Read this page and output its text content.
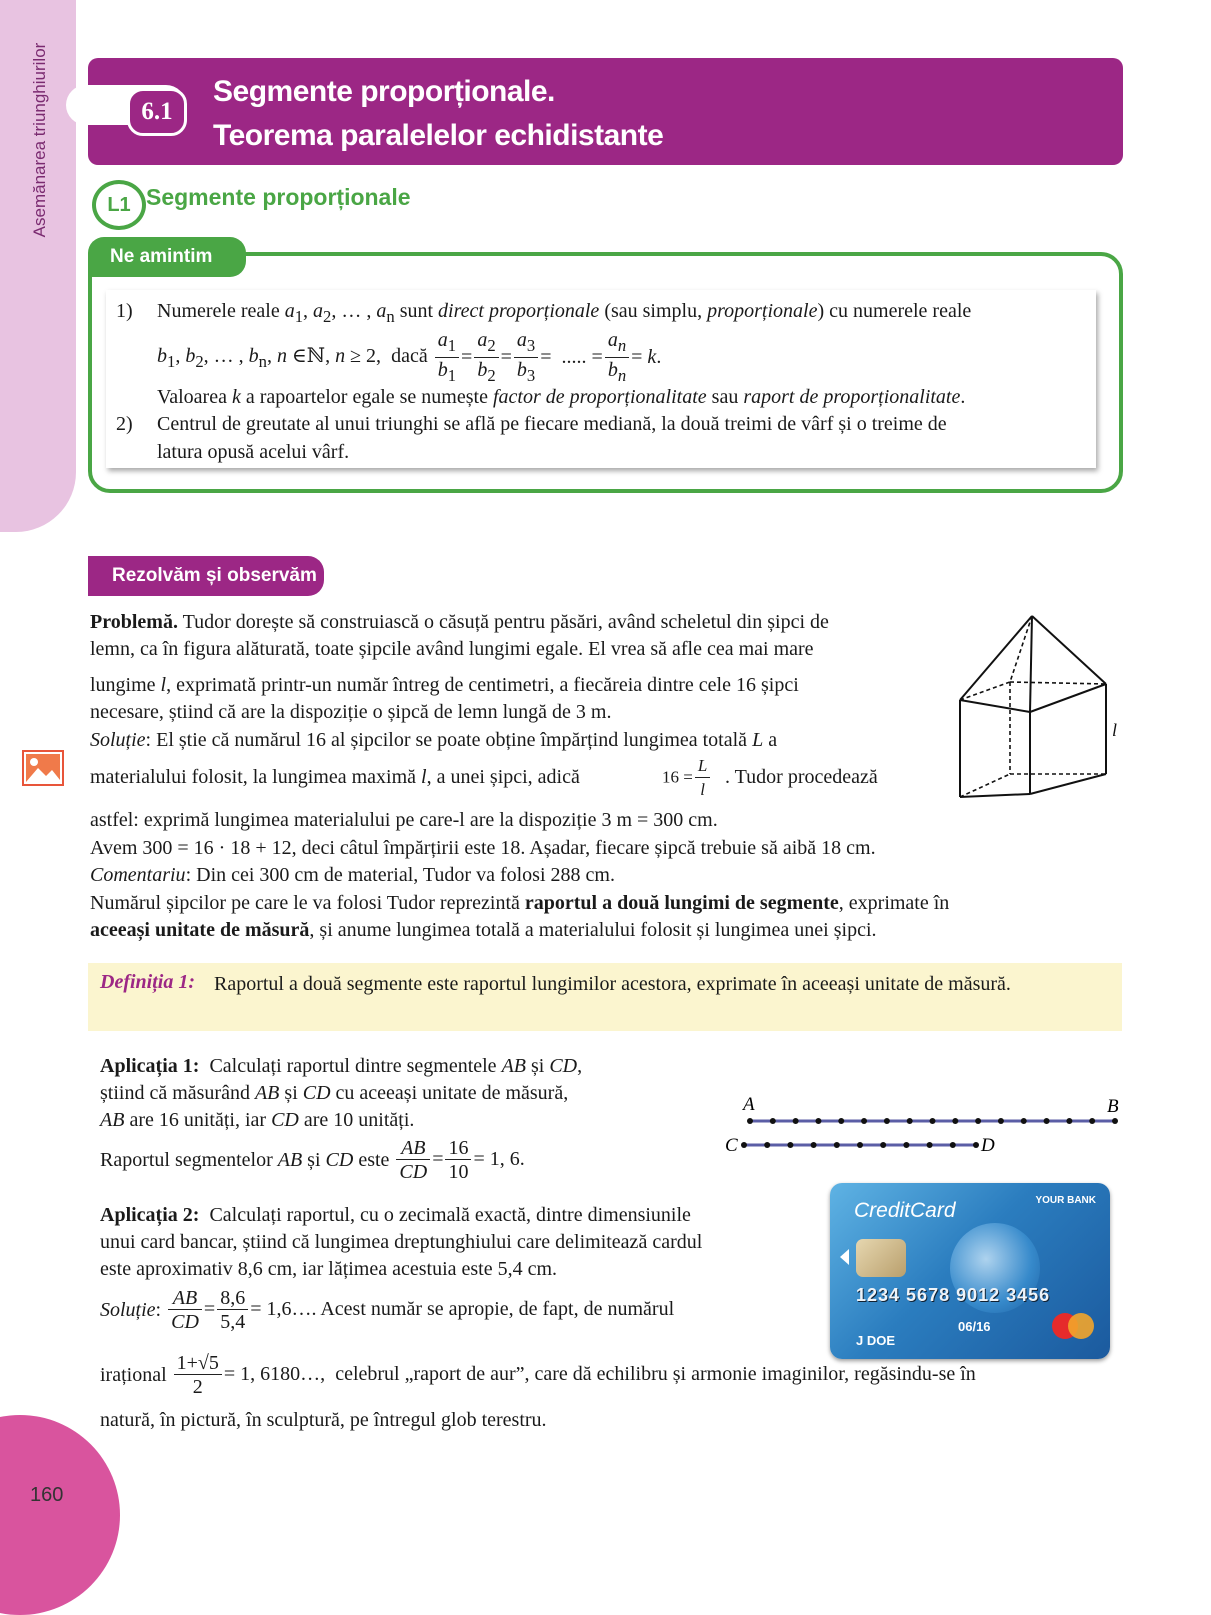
Asemănarea triunghiurilor
160
6.1
Segmente proporționale.
Teorema paralelelor echidistante
L1 Segmente proporționale
Ne amintim
1) Numerele reale $a_1$, $a_2$, … , $a_n$ sunt direct proporționale (sau simplu, proporționale) cu numerele reale
$b_1$, $b_2$, … , $b_n$, n ∈ℕ, n ≥ 2,  dacă $\frac{a_1}{b_1} = \frac{a_2}{b_2} = \frac{a_3}{b_3}$ =  ..... = $\frac{a_n}{b_n} = k$.
Valoarea k a rapoartelor egale se numește factor de proporționalitate sau raport de proporționalitate.
2) Centrul de greutate al unui triunghi se află pe fiecare mediană, la două treimi de vârf și o treime de
latura opusă acelui vârf.
Rezolvăm și observăm
Problemă. Tudor dorește să construiască o căsuță pentru păsări, având scheletul din șipci de
lemn, ca în figura alăturată, toate șipcile având lungimi egale. El vrea să afle cea mai mare
lungime l, exprimată printr-un număr întreg de centimetri, a fiecăreia dintre cele 16 șipci
necesare, știind că are la dispoziție o șipcă de lemn lungă de 3 m.
Soluție: El știe că numărul 16 al șipcilor se poate obține împărțind lungimea totală L a
materialului folosit, la lungimea maximă l, a unei șipci, adică	$16 = \frac{L}{l}$ . Tudor procedează
astfel: exprimă lungimea materialului pe care-l are la dispoziție 3 m = 300 cm.
Avem 300 = 16 · 18 + 12, deci câtul împărțirii este 18. Așadar, fiecare șipcă trebuie să aibă 18 cm.
Comentariu: Din cei 300 cm de material, Tudor va folosi 288 cm.
Numărul șipcilor pe care le va folosi Tudor reprezintă raportul a două lungimi de segmente, exprimate în
aceeași unitate de măsură, și anume lungimea totală a materialului folosit și lungimea unei șipci.
l
Definiția 1: Raportul a două segmente este raportul lungimilor acestora, exprimate în aceeași unitate de măsură.
Aplicația 1: Calculați raportul dintre segmentele AB și CD,
știind că măsurând AB și CD cu aceeași unitate de măsură,
AB are 16 unități, iar CD are 10 unități.
Raportul segmentelor AB și CD este $\frac{AB}{CD} = \frac{16}{10} = 1$, 6.
A	B
C	D
Aplicația 2: Calculați raportul, cu o zecimală exactă, dintre dimensiunile
unui card bancar, știind că lungimea dreptunghiului care delimitează cardul
este aproximativ 8,6 cm, iar lățimea acestuia este 5,4 cm.
Soluție: $\frac{AB}{CD} = \frac{8,6}{5,4}$ = 1,6…. Acest număr se apropie, de fapt, de numărul
irațional $\frac{1+√5}{2} = 1$, 6180…, celebrul „raport de aur”, care dă echilibru și armonie imaginilor, regăsindu-se în
natură, în pictură, în sculptură, pe întregul glob terestru.
CreditCard	YOUR BANK
1234 5678 9012 3456
06/16
J DOE
